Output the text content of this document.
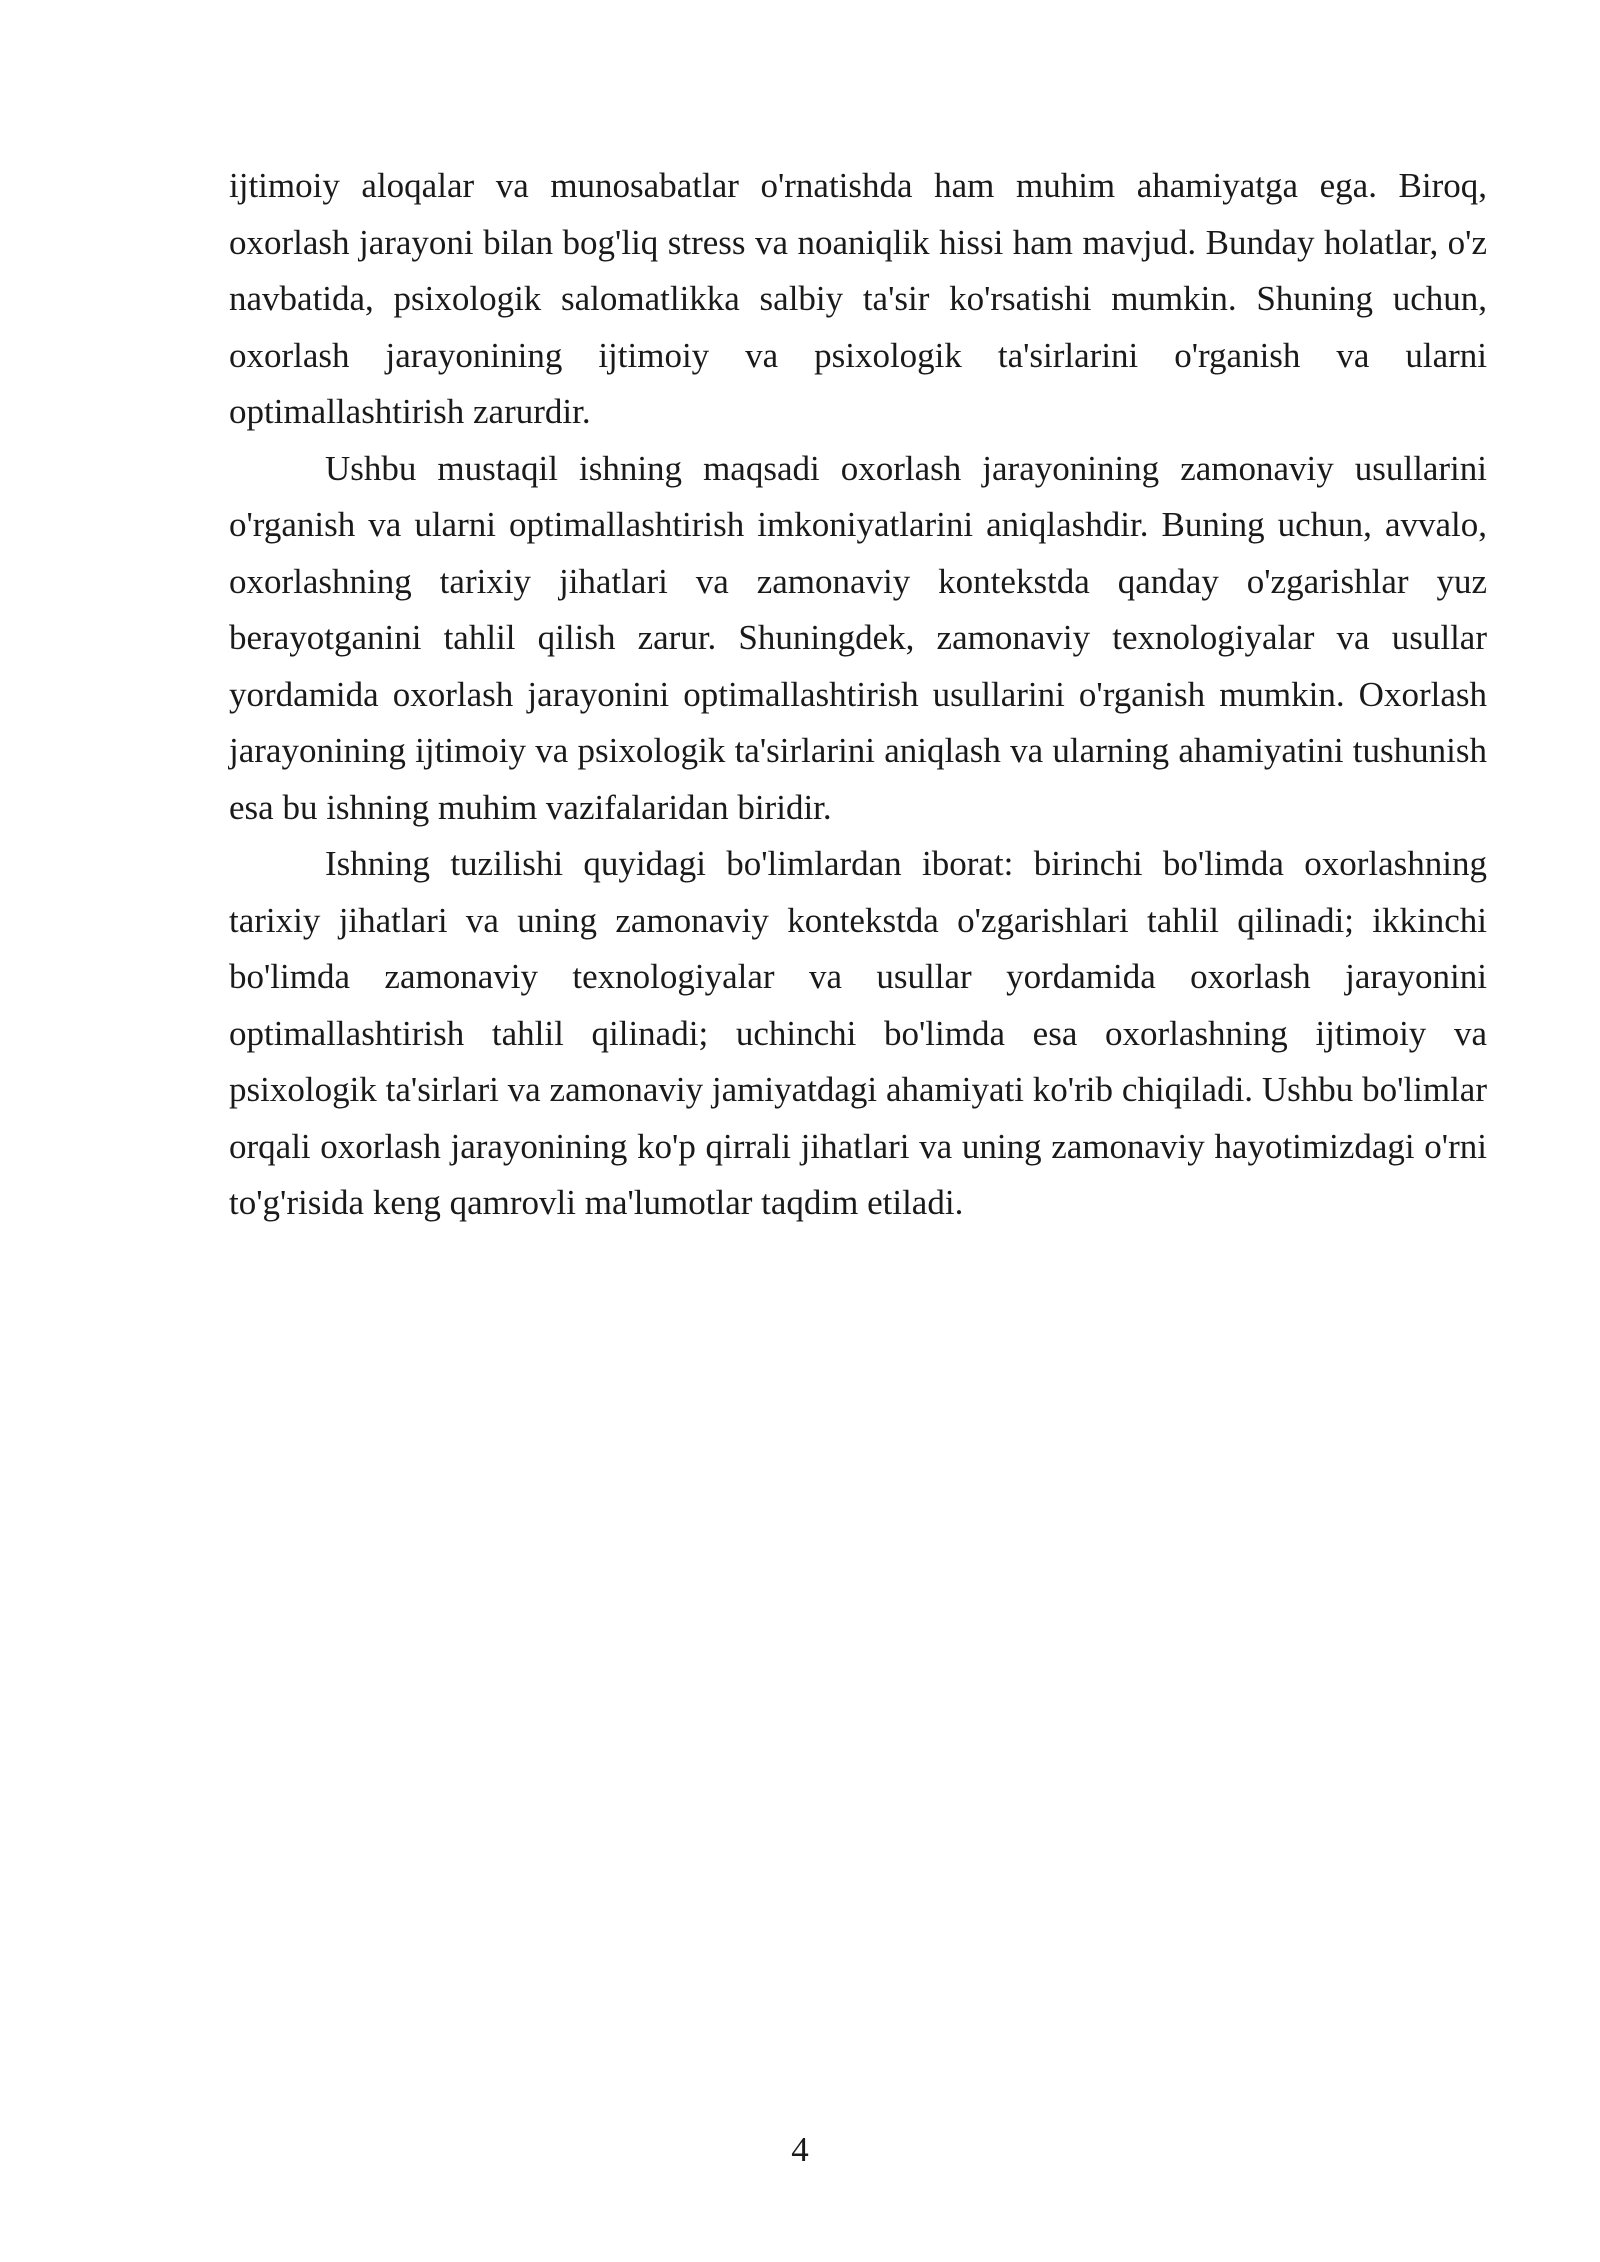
ijtimoiy aloqalar va munosabatlar o'rnatishda ham muhim ahamiyatga ega. Biroq, oxorlash jarayoni bilan bog'liq stress va noaniqlik hissi ham mavjud. Bunday holatlar, o'z navbatida, psixologik salomatlikka salbiy ta'sir ko'rsatishi mumkin. Shuning uchun, oxorlash jarayonining ijtimoiy va psixologik ta'sirlarini o'rganish va ularni optimallashtirish zarurdir.

Ushbu mustaqil ishning maqsadi oxorlash jarayonining zamonaviy usullarini o'rganish va ularni optimallashtirish imkoniyatlarini aniqlashdir. Buning uchun, avvalo, oxorlashning tarixiy jihatlari va zamonaviy kontekstda qanday o'zgarishlar yuz berayotganini tahlil qilish zarur. Shuningdek, zamonaviy texnologiyalar va usullar yordamida oxorlash jarayonini optimallashtirish usullarini o'rganish mumkin. Oxorlash jarayonining ijtimoiy va psixologik ta'sirlarini aniqlash va ularning ahamiyatini tushunish esa bu ishning muhim vazifalaridan biridir.

Ishning tuzilishi quyidagi bo'limlardan iborat: birinchi bo'limda oxorlashning tarixiy jihatlari va uning zamonaviy kontekstda o'zgarishlari tahlil qilinadi; ikkinchi bo'limda zamonaviy texnologiyalar va usullar yordamida oxorlash jarayonini optimallashtirish tahlil qilinadi; uchinchi bo'limda esa oxorlashning ijtimoiy va psixologik ta'sirlari va zamonaviy jamiyatdagi ahamiyati ko'rib chiqiladi. Ushbu bo'limlar orqali oxorlash jarayonining ko'p qirrali jihatlari va uning zamonaviy hayotimizdagi o'rni to'g'risida keng qamrovli ma'lumotlar taqdim etiladi.

4
